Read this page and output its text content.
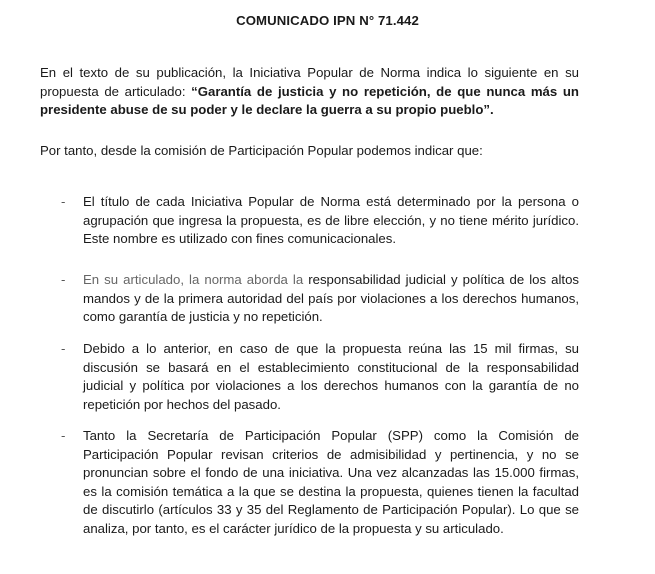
COMUNICADO IPN N° 71.442
En el texto de su publicación, la Iniciativa Popular de Norma indica lo siguiente en su propuesta de articulado: “Garantía de justicia y no repetición, de que nunca más un presidente abuse de su poder y le declare la guerra a su propio pueblo”.
Por tanto, desde la comisión de Participación Popular podemos indicar que:
- El título de cada Iniciativa Popular de Norma está determinado por la persona o agrupación que ingresa la propuesta, es de libre elección, y no tiene mérito jurídico. Este nombre es utilizado con fines comunicacionales.
- En su articulado, la norma aborda la responsabilidad judicial y política de los altos mandos y de la primera autoridad del país por violaciones a los derechos humanos, como garantía de justicia y no repetición.
- Debido a lo anterior, en caso de que la propuesta reúna las 15 mil firmas, su discusión se basará en el establecimiento constitucional de la responsabilidad judicial y política por violaciones a los derechos humanos con la garantía de no repetición por hechos del pasado.
- Tanto la Secretaría de Participación Popular (SPP) como la Comisión de Participación Popular revisan criterios de admisibilidad y pertinencia, y no se pronuncian sobre el fondo de una iniciativa. Una vez alcanzadas las 15.000 firmas, es la comisión temática a la que se destina la propuesta, quienes tienen la facultad de discutirlo (artículos 33 y 35 del Reglamento de Participación Popular). Lo que se analiza, por tanto, es el carácter jurídico de la propuesta y su articulado.
